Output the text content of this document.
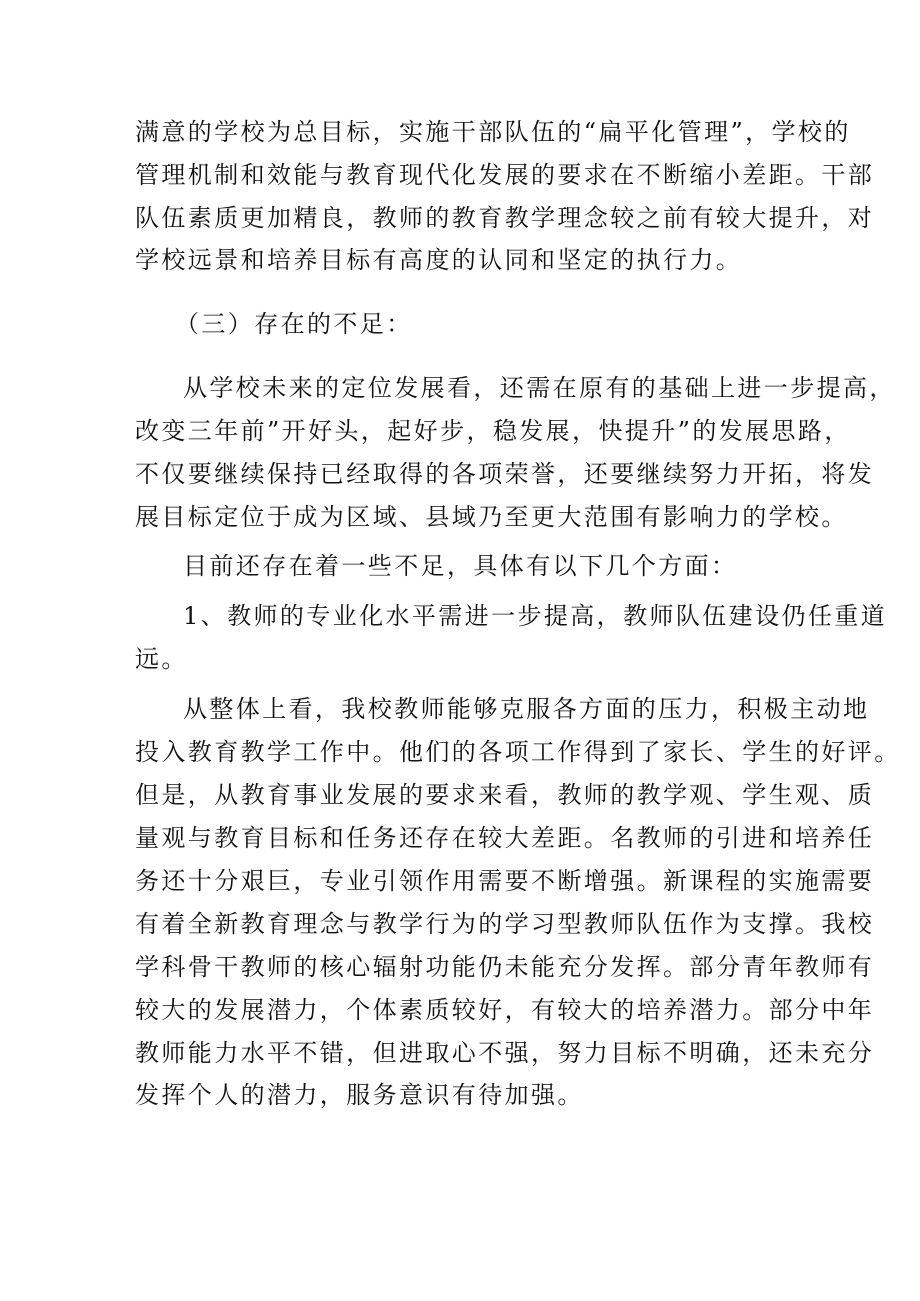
满意的学校为总目标，实施干部队伍的“扁平化管理”，学校的
管理机制和效能与教育现代化发展的要求在不断缩小差距。干部
队伍素质更加精良，教师的教育教学理念较之前有较大提升，对
学校远景和培养目标有高度的认同和坚定的执行力。
（三）存在的不足：
从学校未来的定位发展看，还需在原有的基础上进一步提高，
改变三年前”开好头，起好步，稳发展，快提升”的发展思路，
不仅要继续保持已经取得的各项荣誉，还要继续努力开拓，将发
展目标定位于成为区域、县域乃至更大范围有影响力的学校。
目前还存在着一些不足，具体有以下几个方面：
1、教师的专业化水平需进一步提高，教师队伍建设仍任重道
远。
从整体上看，我校教师能够克服各方面的压力，积极主动地
投入教育教学工作中。他们的各项工作得到了家长、学生的好评。
但是，从教育事业发展的要求来看，教师的教学观、学生观、质
量观与教育目标和任务还存在较大差距。名教师的引进和培养任
务还十分艰巨，专业引领作用需要不断增强。新课程的实施需要
有着全新教育理念与教学行为的学习型教师队伍作为支撑。我校
学科骨干教师的核心辐射功能仍未能充分发挥。部分青年教师有
较大的发展潜力，个体素质较好，有较大的培养潜力。部分中年
教师能力水平不错，但进取心不强，努力目标不明确，还未充分
发挥个人的潜力，服务意识有待加强。
